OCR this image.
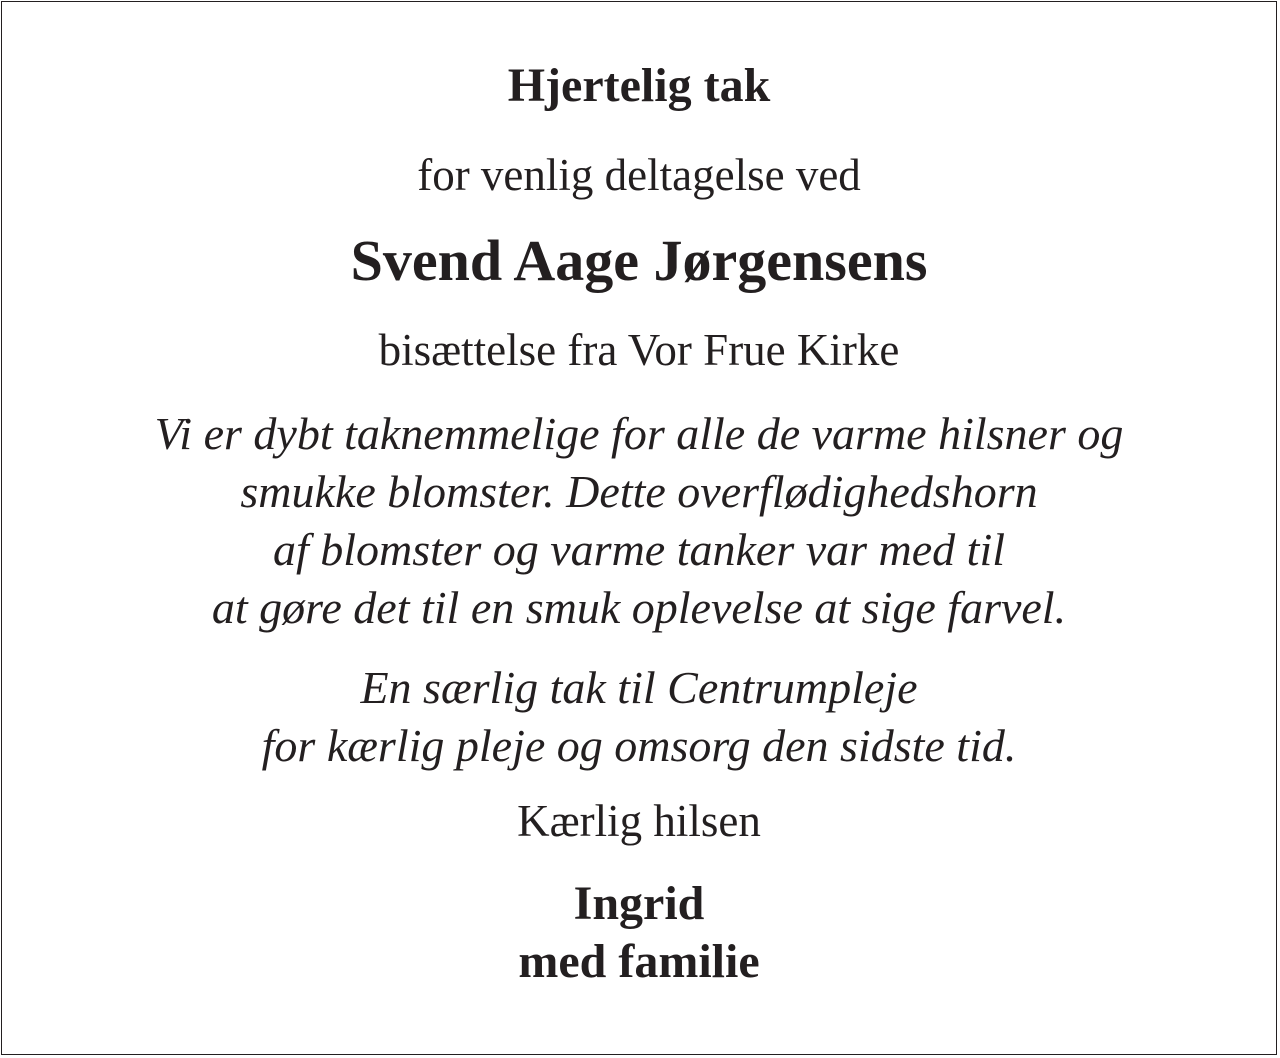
Hjertelig tak
for venlig deltagelse ved
Svend Aage Jørgensens
bisættelse fra Vor Frue Kirke
Vi er dybt taknemmelige for alle de varme hilsner og
smukke blomster. Dette overflødighedshorn
af blomster og varme tanker var med til
at gøre det til en smuk oplevelse at sige farvel.
En særlig tak til Centrumpleje
for kærlig pleje og omsorg den sidste tid.
Kærlig hilsen
Ingrid
med familie
